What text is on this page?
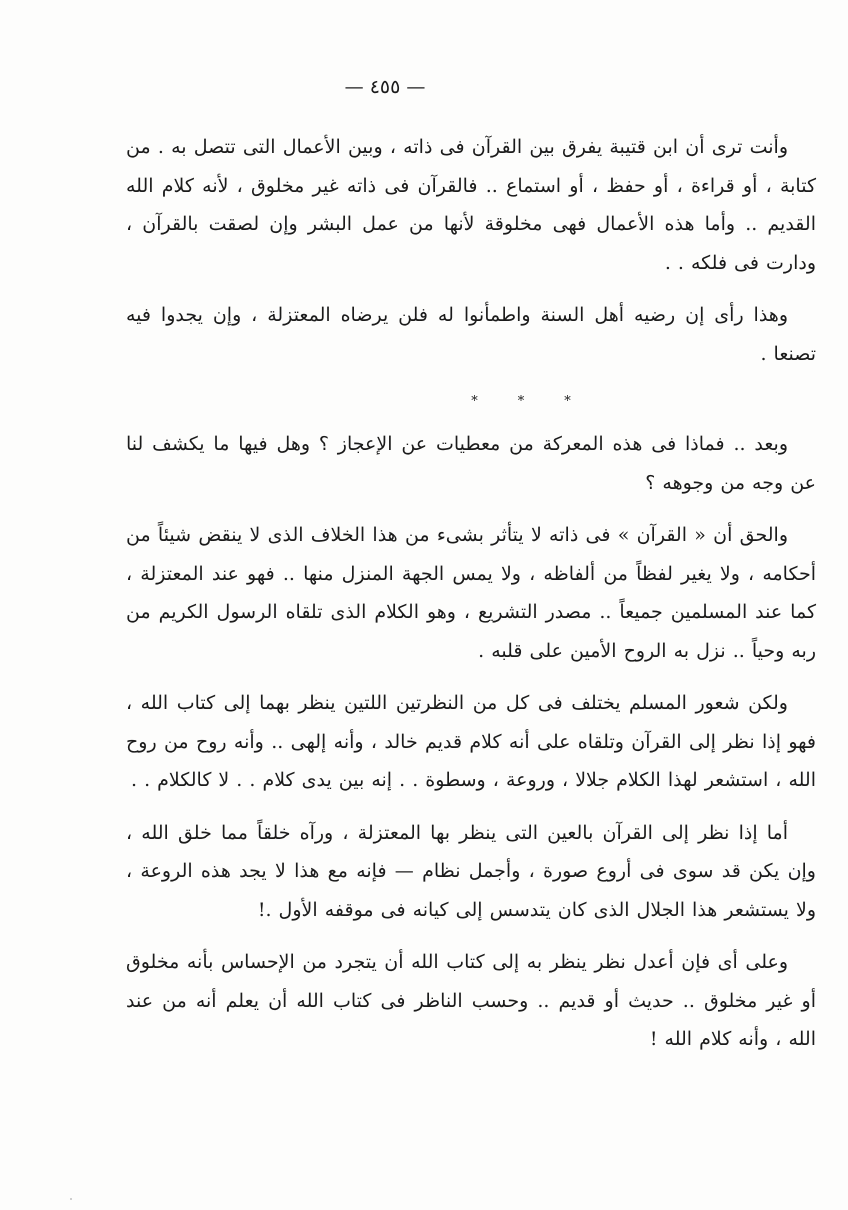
— ٤٥٥ —

وأنت ترى أن ابن قتيبة يفرق بين القرآن فى ذاته ، وبين الأعمال التى تتصل به . من كتابة ، أو قراءة ، أو حفظ ، أو استماع .. فالقرآن فى ذاته غير مخلوق ، لأنه كلام الله القديم .. وأما هذه الأعمال فهى مخلوقة لأنها من عمل البشر وإن لصقت بالقرآن ، ودارت فى فلكه . .

وهذا رأى إن رضيه أهل السنة واطمأنوا له فلن يرضاه المعتزلة ، وإن يجدوا فيه تصنعا .

*	*	*

وبعد .. فماذا فى هذه المعركة من معطيات عن الإعجاز ؟ وهل فيها ما يكشف لنا عن وجه من وجوهه ؟

والحق أن « القرآن » فى ذاته لا يتأثر بشىء من هذا الخلاف الذى لا ينقض شيئاً من أحكامه ، ولا يغير لفظاً من ألفاظه ، ولا يمس الجهة المنزل منها .. فهو عند المعتزلة ، كما عند المسلمين جميعاً .. مصدر التشريع ، وهو الكلام الذى تلقاه الرسول الكريم من ربه وحياً .. نزل به الروح الأمين على قلبه .

ولكن شعور المسلم يختلف فى كل من النظرتين اللتين ينظر بهما إلى كتاب الله ، فهو إذا نظر إلى القرآن وتلقاه على أنه كلام قديم خالد ، وأنه إلهى .. وأنه روح من روح الله ، استشعر لهذا الكلام جلالا ، وروعة ، وسطوة . . إنه بين يدى كلام . . لا كالكلام . .

أما إذا نظر إلى القرآن بالعين التى ينظر بها المعتزلة ، ورآه خلقاً مما خلق الله ، وإن يكن قد سوى فى أروع صورة ، وأجمل نظام — فإنه مع هذا لا يجد هذه الروعة ، ولا يستشعر هذا الجلال الذى كان يتدسس إلى كيانه فى موقفه الأول .!

وعلى أى فإن أعدل نظر ينظر به إلى كتاب الله أن يتجرد من الإحساس بأنه مخلوق أو غير مخلوق .. حديث أو قديم .. وحسب الناظر فى كتاب الله أن يعلم أنه من عند الله ، وأنه كلام الله !
